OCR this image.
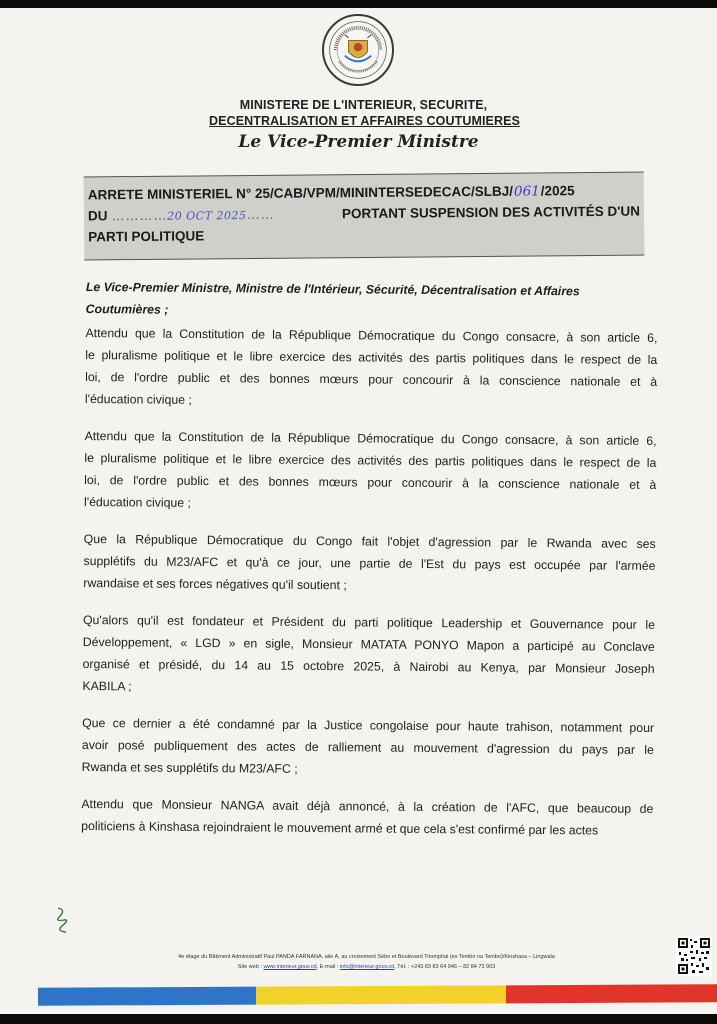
MINISTERE DE L'INTERIEUR, SECURITE,
DECENTRALISATION ET AFFAIRES COUTUMIERES
Le Vice-Premier Ministre
ARRETE MINISTERIEL N° 25/CAB/VPM/MININTERSEDECAC/SLBJ/061/2025
DU …………20 OCT 2025……	PORTANT SUSPENSION DES ACTIVITÉS D'UN
PARTI POLITIQUE
Le Vice-Premier Ministre, Ministre de l'Intérieur, Sécurité, Décentralisation et Affaires Coutumières ;
Attendu que la Constitution de la République Démocratique du Congo consacre, à son article 6,
le pluralisme politique et le libre exercice des activités des partis politiques dans le respect de la
loi, de l'ordre public et des bonnes mœurs pour concourir à la conscience nationale et à
l'éducation civique ;
Attendu que la Constitution de la République Démocratique du Congo consacre, à son article 6,
le pluralisme politique et le libre exercice des activités des partis politiques dans le respect de la
loi, de l'ordre public et des bonnes mœurs pour concourir à la conscience nationale et à
l'éducation civique ;
Que la République Démocratique du Congo fait l'objet d'agression par le Rwanda avec ses
supplétifs du M23/AFC et qu'à ce jour, une partie de l'Est du pays est occupée par l'armée
rwandaise et ses forces négatives qu'il soutient ;
Qu'alors qu'il est fondateur et Président du parti politique Leadership et Gouvernance pour le
Développement, « LGD » en sigle, Monsieur MATATA PONYO Mapon a participé au Conclave
organisé et présidé, du 14 au 15 octobre 2025, à Nairobi au Kenya, par Monsieur Joseph
KABILA ;
Que ce dernier a été condamné par la Justice congolaise pour haute trahison, notamment pour
avoir posé publiquement des actes de ralliement au mouvement d'agression du pays par le
Rwanda et ses supplétifs du M23/AFC ;
Attendu que Monsieur NANGA avait déjà annoncé, à la création de l'AFC, que beaucoup de
politiciens à Kinshasa rejoindraient le mouvement armé et que cela s'est confirmé par les actes
4e étage du Bâtiment Administratif Paul PANDA FARNANA, aile A, au croisement Sébo et Boulevard Triomphal (ex Tembo na Tembo)/Kinshasa – Lingwala
Site web : www.interieur.gouv.cd, E-mail : info@interieur.gouv.cd, Tél. : +243 83 83 64 946 – 82 84 73 903
